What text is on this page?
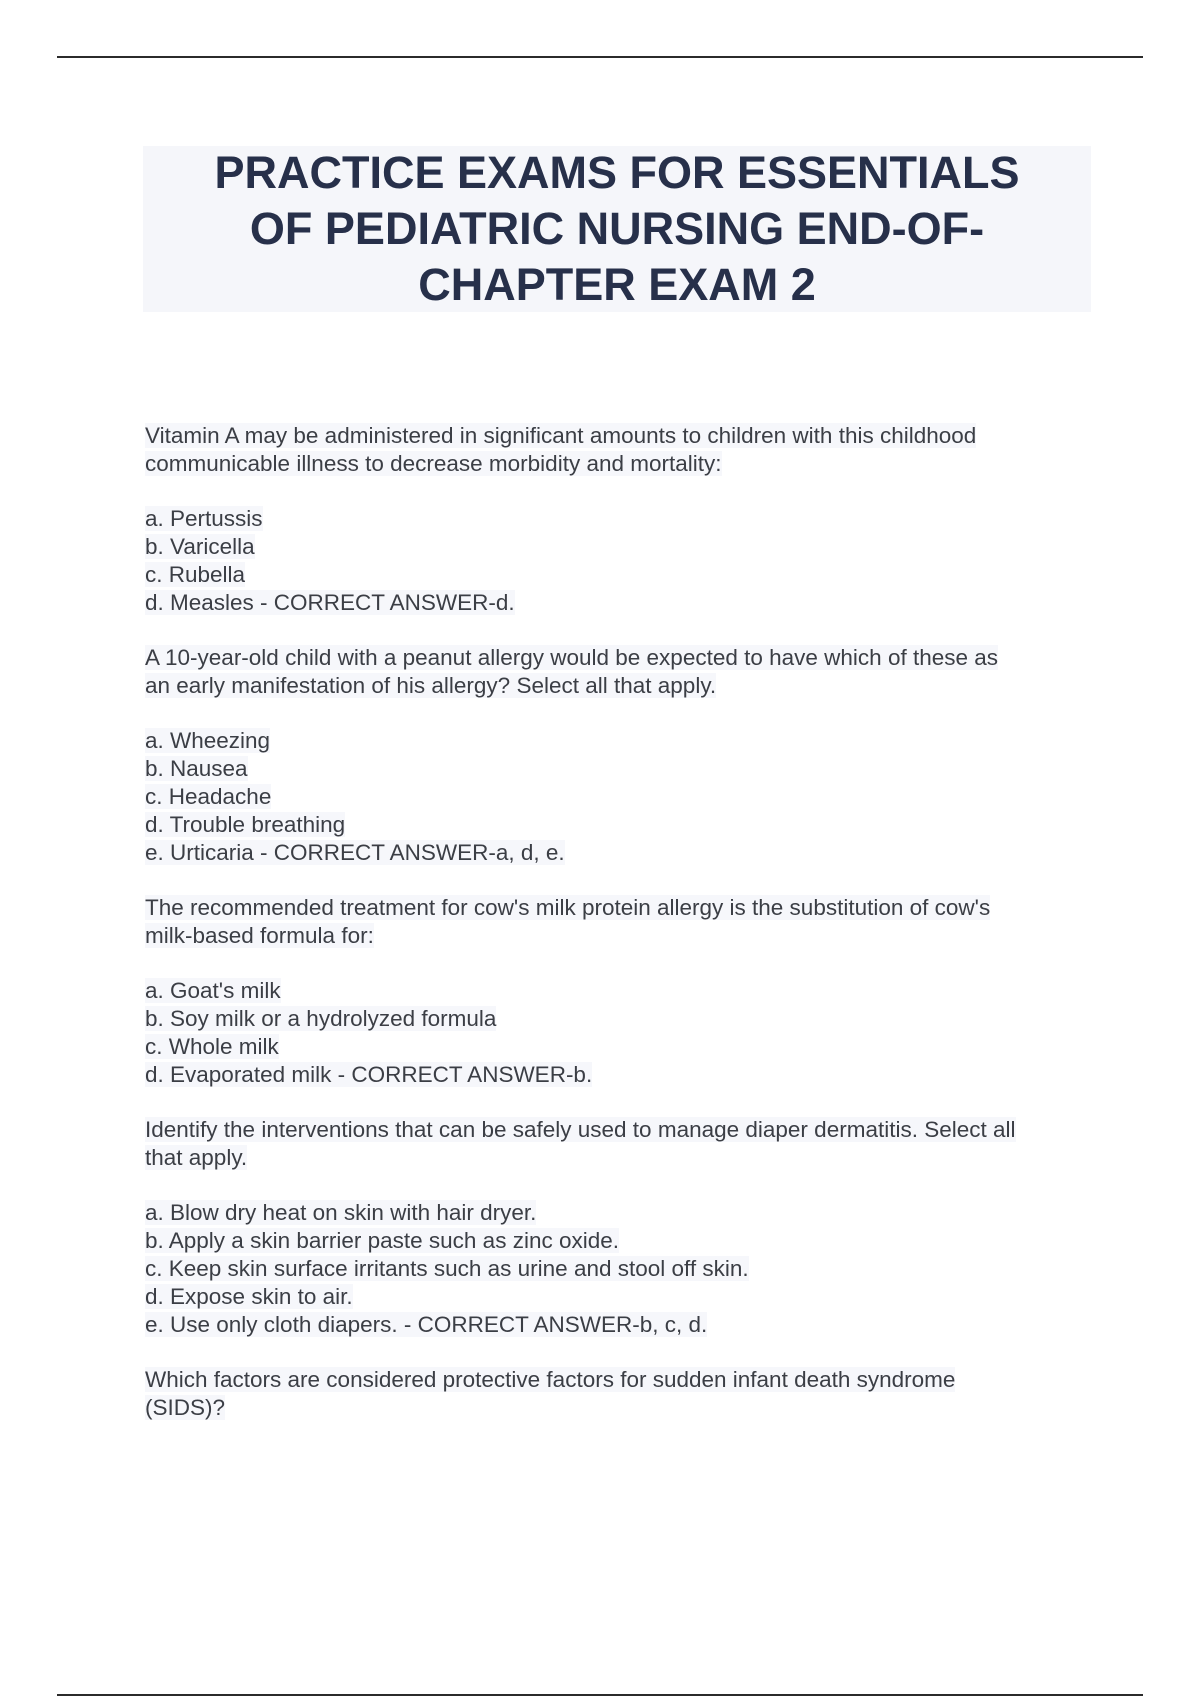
PRACTICE EXAMS FOR ESSENTIALS
OF PEDIATRIC NURSING END-OF-
CHAPTER EXAM 2
Vitamin A may be administered in significant amounts to children with this childhood
communicable illness to decrease morbidity and mortality:
a. Pertussis
b. Varicella
c. Rubella
d. Measles - CORRECT ANSWER-d.
A 10-year-old child with a peanut allergy would be expected to have which of these as
an early manifestation of his allergy? Select all that apply.
a. Wheezing
b. Nausea
c. Headache
d. Trouble breathing
e. Urticaria - CORRECT ANSWER-a, d, e.
The recommended treatment for cow's milk protein allergy is the substitution of cow's
milk-based formula for:
a. Goat's milk
b. Soy milk or a hydrolyzed formula
c. Whole milk
d. Evaporated milk - CORRECT ANSWER-b.
Identify the interventions that can be safely used to manage diaper dermatitis. Select all
that apply.
a. Blow dry heat on skin with hair dryer.
b. Apply a skin barrier paste such as zinc oxide.
c. Keep skin surface irritants such as urine and stool off skin.
d. Expose skin to air.
e. Use only cloth diapers. - CORRECT ANSWER-b, c, d.
Which factors are considered protective factors for sudden infant death syndrome
(SIDS)?
